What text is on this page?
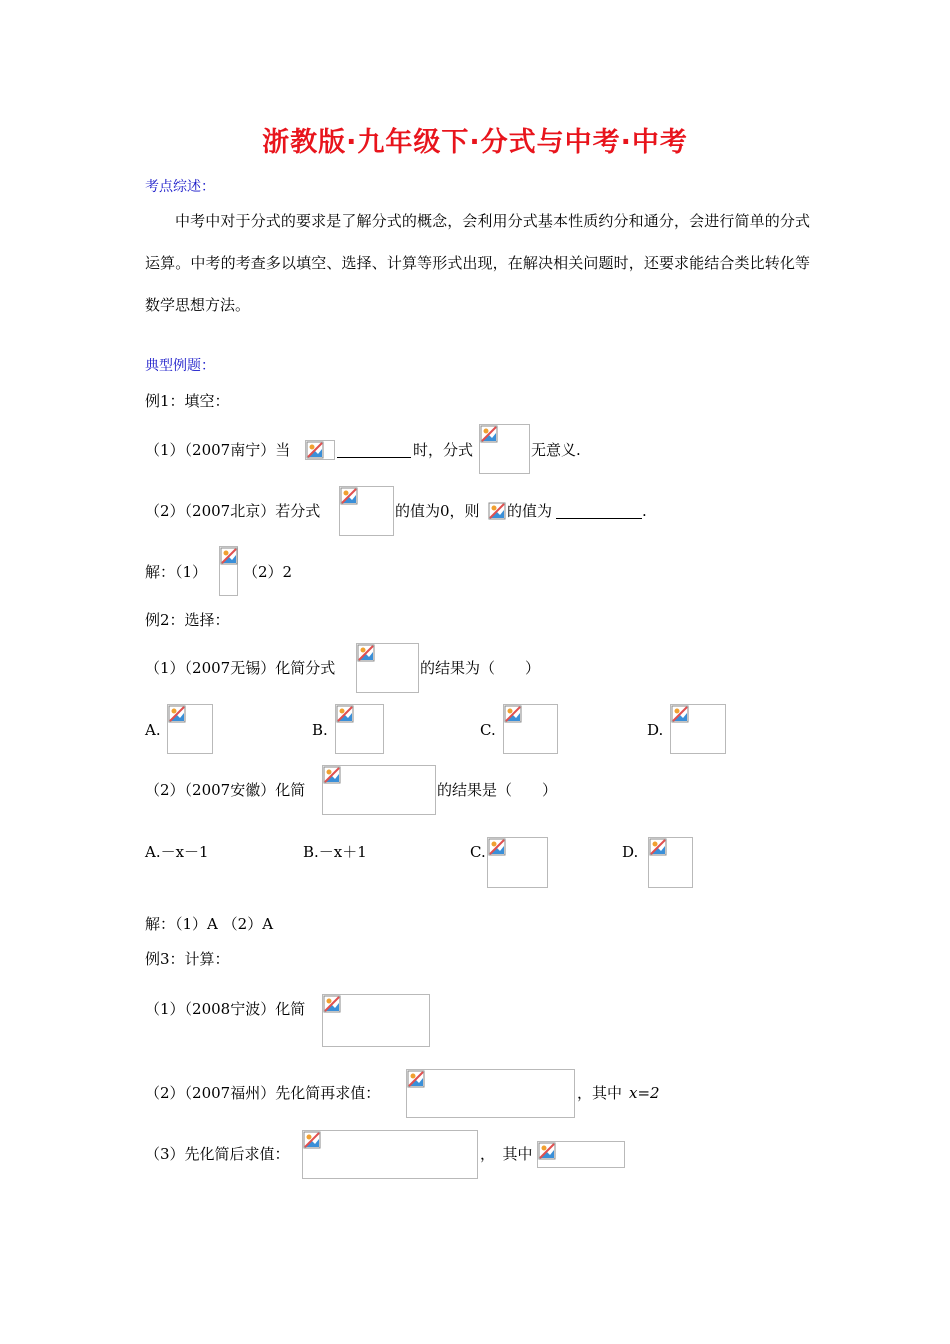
浙教版·九年级下·分式与中考·中考
考点综述：
中考中对于分式的要求是了解分式的概念，会利用分式基本性质约分和通分，会进行简单的分式运算。中考的考查多以填空、选择、计算等形式出现，在解决相关问题时，还要求能结合类比转化等数学思想方法。
典型例题：
例1：填空：
（1）（2007南宁）当	时，分式	无意义.
（2）（2007北京）若分式	的值为0，则 的值为	.
解：（1） （2）2
例2：选择：
（1）（2007无锡）化简分式	的结果为（　　）
A.	B.	C.	D.
（2）（2007安徽）化简	的结果是（　　）
A.－x－1	B.－x＋1	C.	D.
解：（1）A （2）A
例3：计算：
（1）（2008宁波）化简
（2）（2007福州）先化简再求值：	，其中 x=2
（3）先化简后求值：	，　其中
